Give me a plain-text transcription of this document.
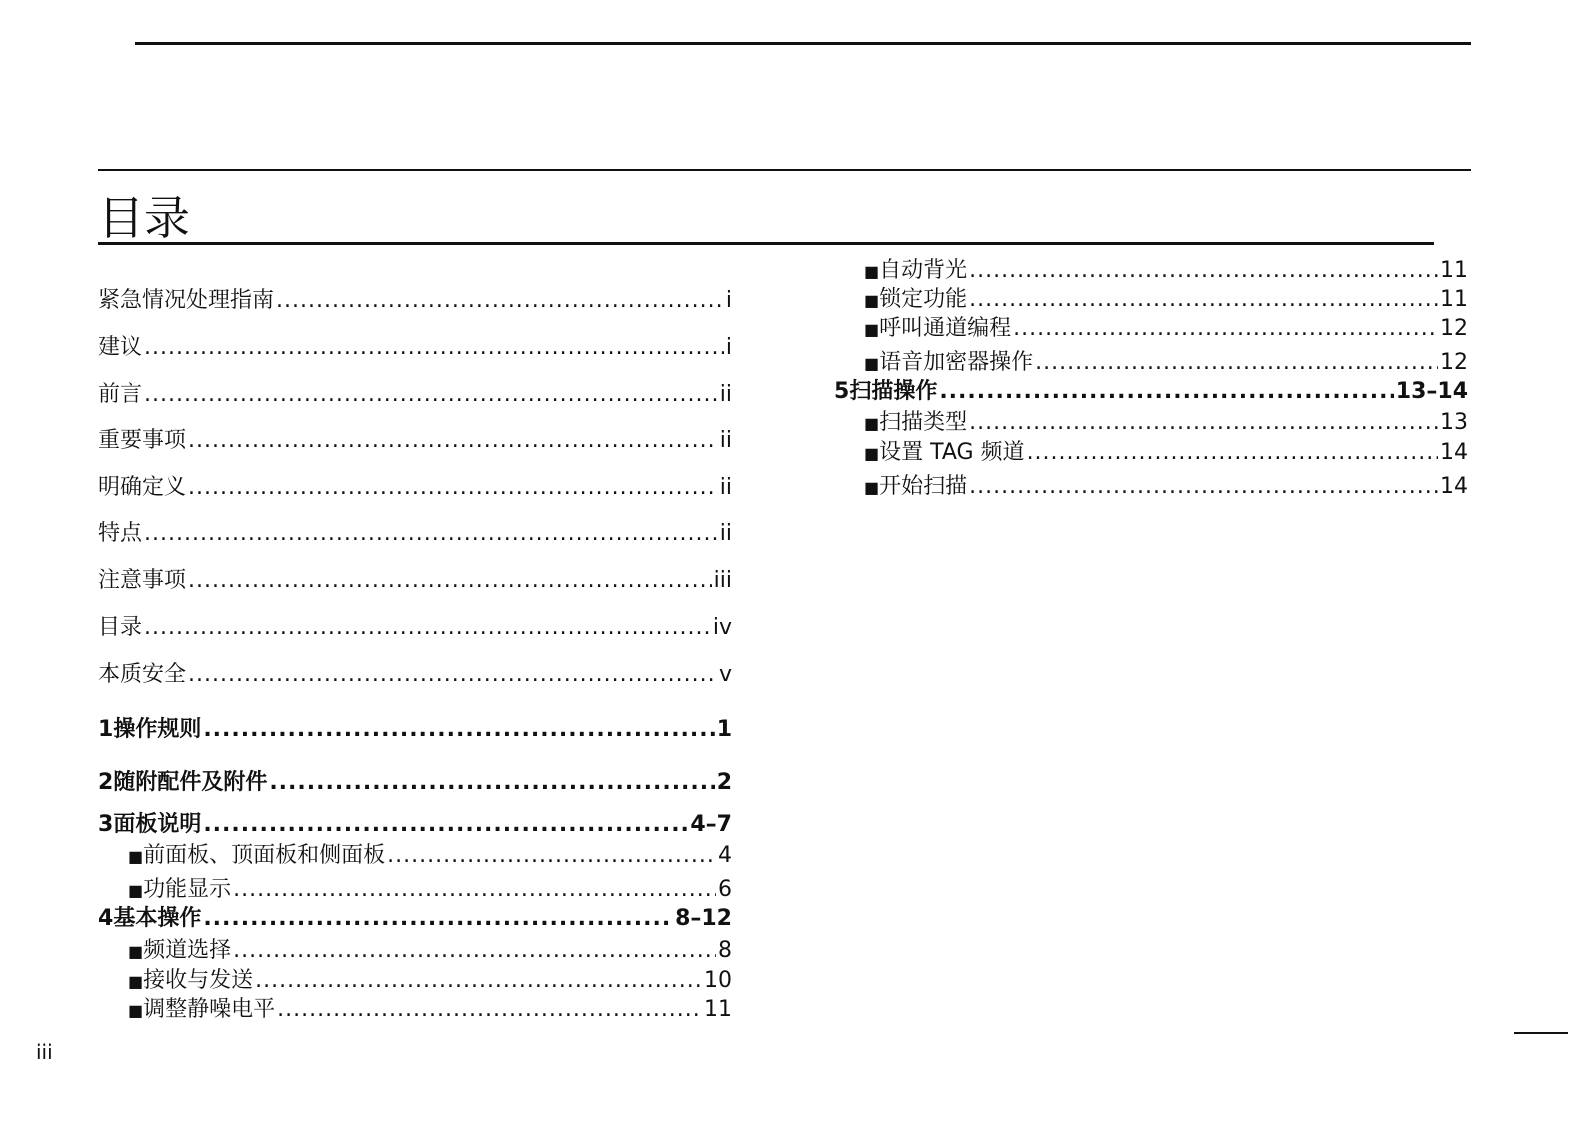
目录
紧急情况处理指南 .....	i
建议 .....	i
前言 .....	ii
重要事项 .....	ii
明确定义 .....	ii
特点 .....	ii
注意事项 .....	iii
目录 .....	iv
本质安全 .....	v
1 操作规则 .....	1
2 随附配件及附件 .....	2
3 面板说明 .....	4–7
■ 前面板、顶面板和侧面板 .....	4
■ 功能显示 .....	6
4 基本操作 .....	8–12
■ 频道选择 .....	8
■ 接收与发送 .....	10
■ 调整静噪电平 .....	11
■ 自动背光 .....	11
■ 锁定功能 .....	11
■ 呼叫通道编程 .....	12
■ 语音加密器操作 .....	12
5 扫描操作 .....	13–14
■ 扫描类型 .....	13
■ 设置 TAG 频道 .....	14
■ 开始扫描 .....	14
iii
